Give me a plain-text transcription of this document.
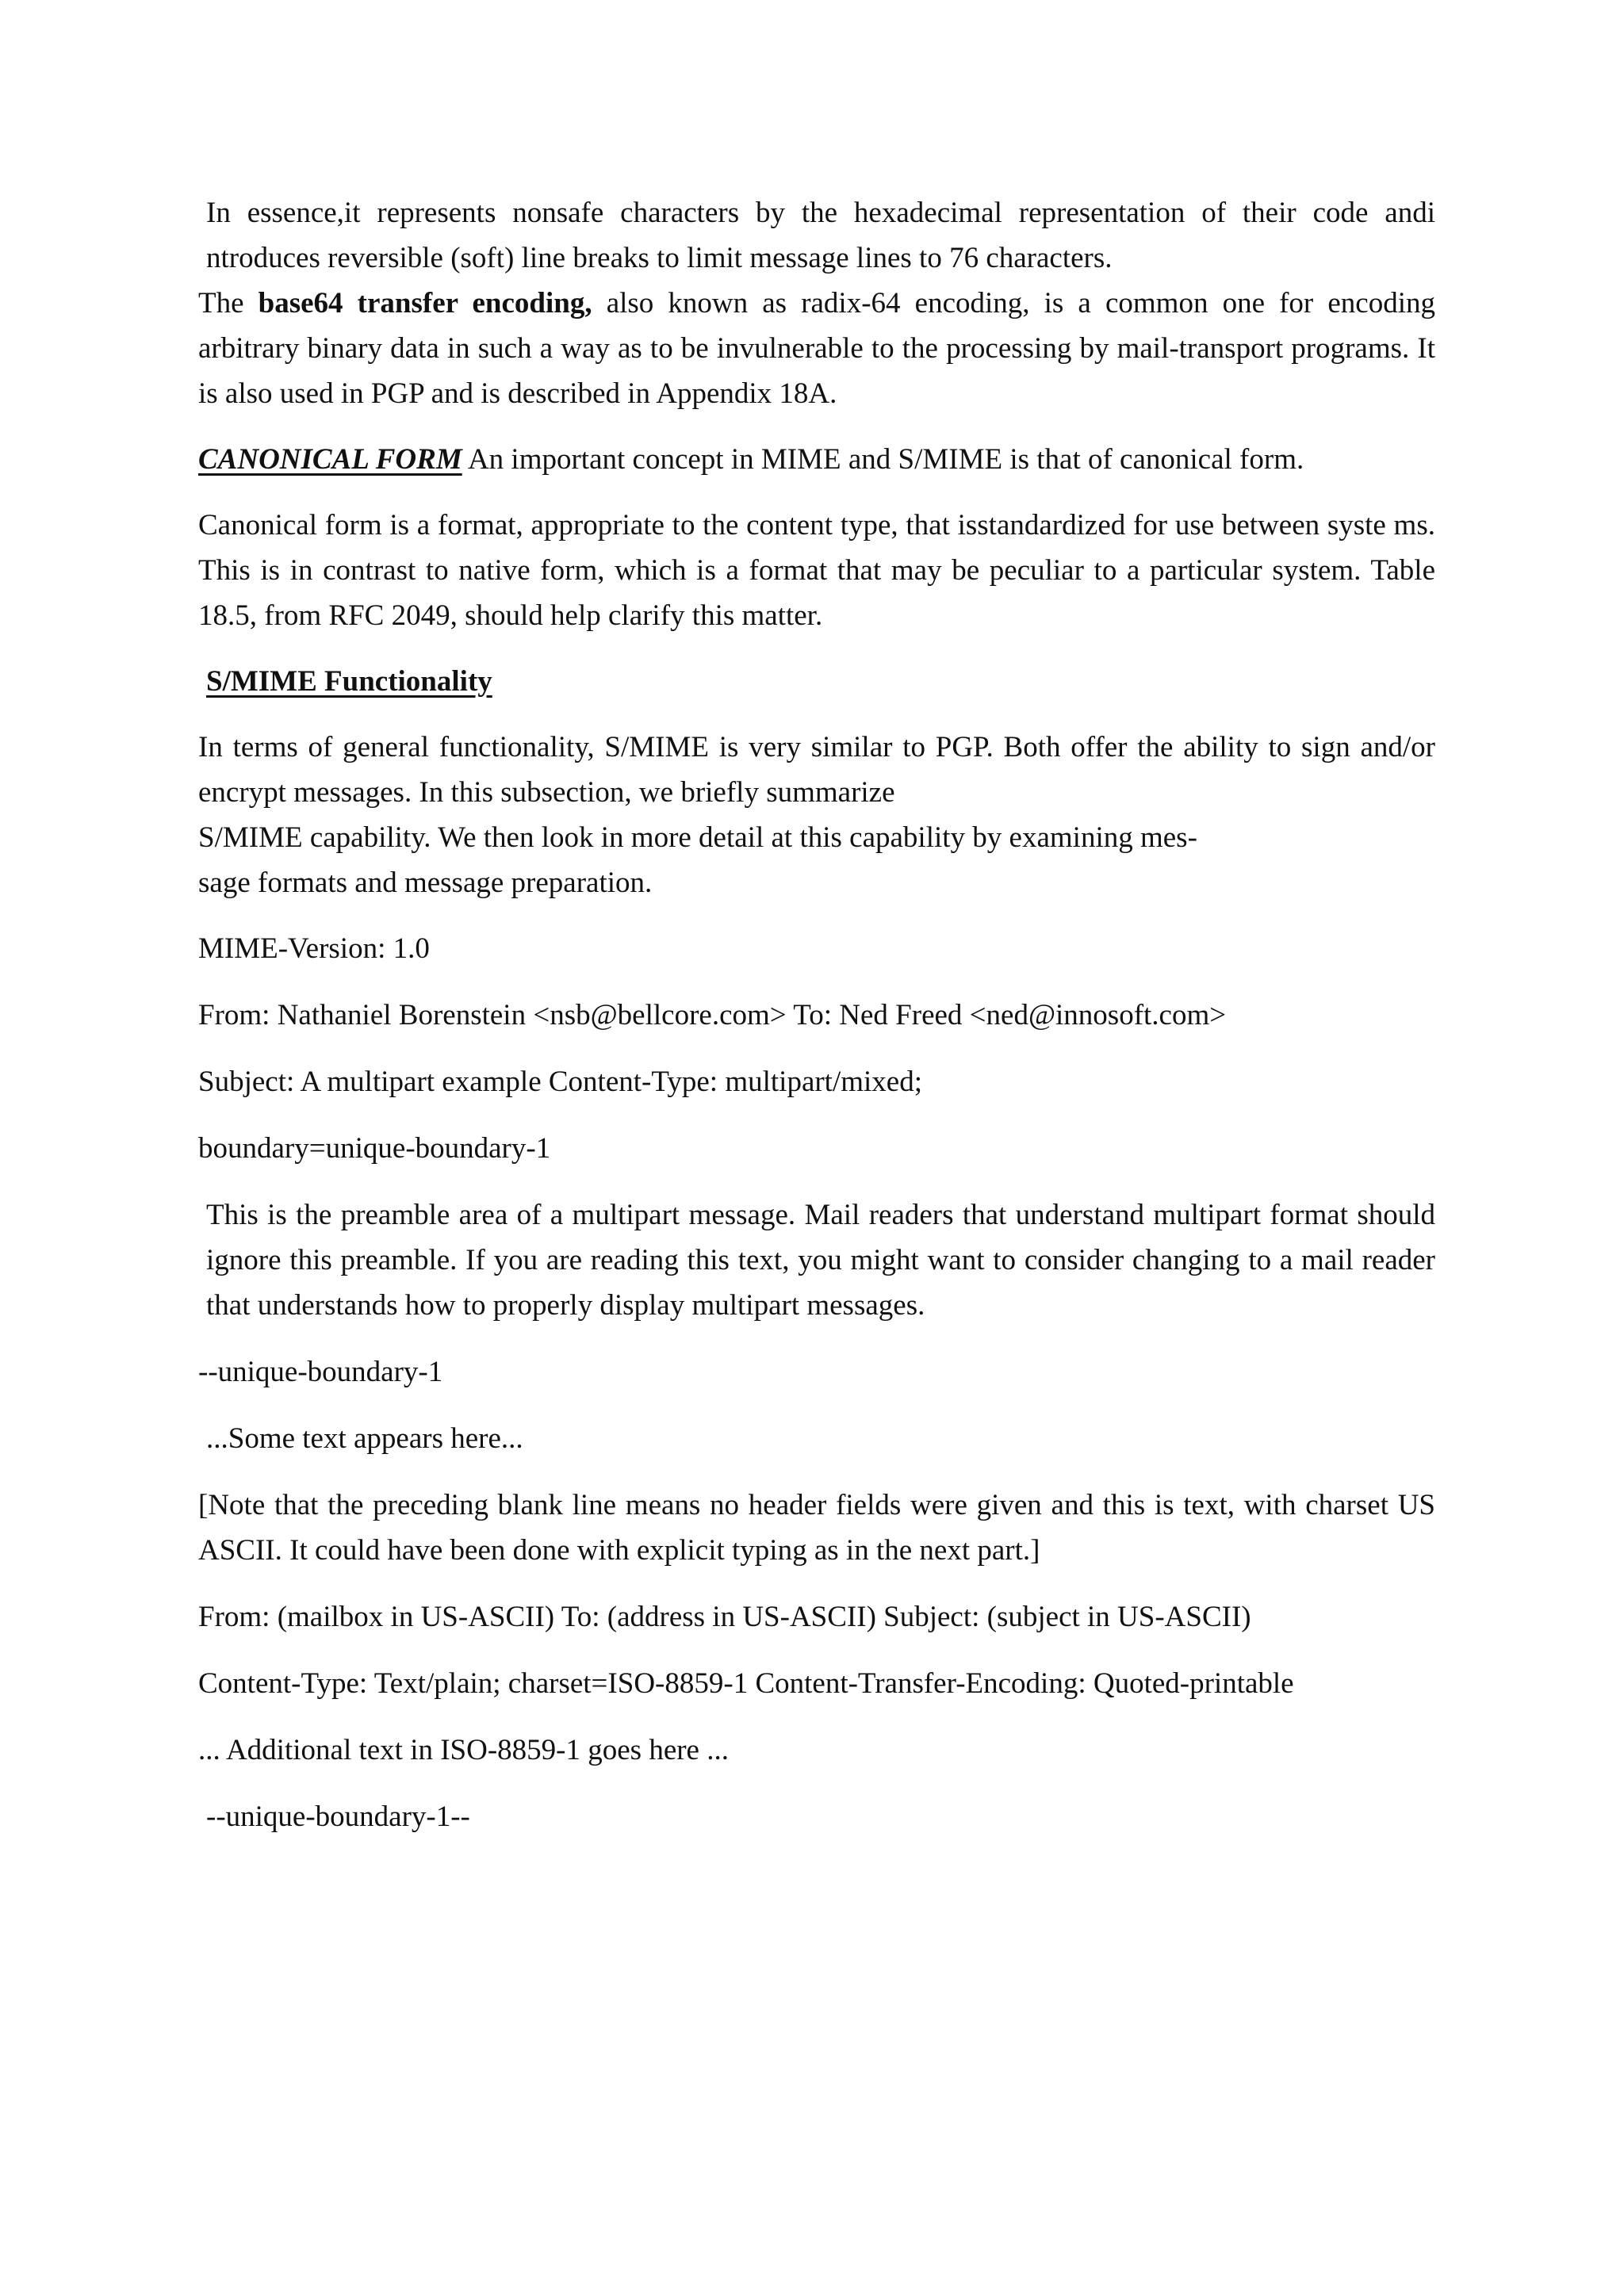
In essence,it represents nonsafe characters by the hexadecimal representation of their code andi ntroduces reversible (soft) line breaks to limit message lines to 76 characters.

The base64 transfer encoding, also known as radix-64 encoding, is a common one for encoding arbitrary binary data in such a way as to be invulnerable to the processing by mail-transport programs. It is also used in PGP and is described in Appendix 18A.

CANONICAL FORM An important concept in MIME and S/MIME is that of canonical form.

Canonical form is a format, appropriate to the content type, that isstandardized for use between syste ms. This is in contrast to native form, which is a format that may be peculiar to a particular system. Table 18.5, from RFC 2049, should help clarify this matter.

S/MIME Functionality

In terms of general functionality, S/MIME is very similar to PGP. Both offer the ability to sign and/or encrypt messages. In this subsection, we briefly summarize
S/MIME capability. We then look in more detail at this capability by examining mes-
sage formats and message preparation.

MIME-Version: 1.0

From: Nathaniel Borenstein <nsb@bellcore.com> To: Ned Freed <ned@innosoft.com>

Subject: A multipart example Content-Type: multipart/mixed;

boundary=unique-boundary-1

This is the preamble area of a multipart message. Mail readers that understand multipart format should ignore this preamble. If you are reading this text, you might want to consider changing to a mail reader that understands how to properly display multipart messages.

--unique-boundary-1

...Some text appears here...

[Note that the preceding blank line means no header fields were given and this is text, with charset US ASCII. It could have been done with explicit typing as in the next part.]

From: (mailbox in US-ASCII) To: (address in US-ASCII) Subject: (subject in US-ASCII)

Content-Type: Text/plain; charset=ISO-8859-1 Content-Transfer-Encoding: Quoted-printable

... Additional text in ISO-8859-1 goes here ...

--unique-boundary-1--
